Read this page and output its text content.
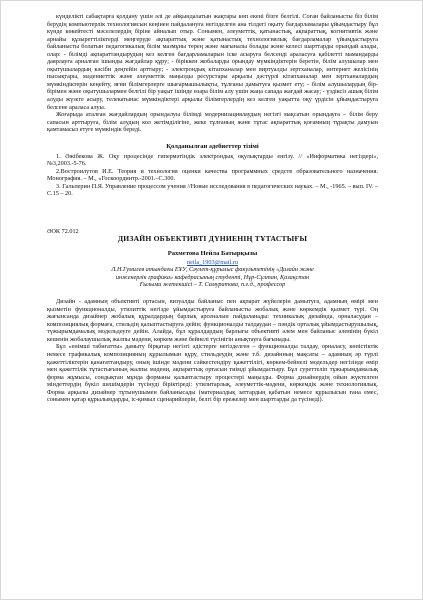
күнделікті сабақтарға қолдану үшін әлі де айқындалатын жақтары көп екені бізге белгілі. Соған байланысты біз білім берудің компьютерлік технологиясын кеңінен пайдалануға негізделген ана тілдегі оқыту бағдарламалары ұйымдастыру бұл күнде көкейтесті мәселелердің біріне айналып отыр. Сонымен, әлеуметтік, қатынастық, ақпараттық, когнитивтік және арнайы құзыреттіліктерді меңгеруде ақпараттық және қатынастық технологиялық бағдарламалар үйымдастыруға байланысты болатын педагогикалық білім мазмұны терең және мағыналы болады және келесі шарттарды орындай алады, олар: - білімді ақпараттандырудың кез келген бағдарламаларын іске асыруға белсенді араласуға қабілетті мамандарды даярлауға арналған ішынды жағдайлар құру; - біріккен жобаларды орындау мүмкіндіктерін беретін, білім алушылар мен оқытушылардың кәсіби деңгейін арттыру; - электрондық кітапханалар мен виртуалды зертханалар, интернет желісінің пысықтары, мәдениеттік және әлеуметтік маңызды ресурстары арқылы дәстүрлі кітапханалар мен зертханалардың мүмкіндіктерін кеңейту, яғни білімгерлерге шығармашылықты, тұлғаны дамытуға қызмет ету; - білім алушылардың бір-бірімен және оқытушылармен белгілі бір уақыт ішінде өзара білім алу үшін жаңа сапада жағдай жасау; - үздіксіз ашық білім алуды жүзеге асыру, телекатынас мүмкіндіктері арқылы білімгерлердің кез келген уақытта оқу үрдісін ұйымдастыруға белсене араласа алуы.

Жоғарыда аталған жағдайлардың орындалуы білімді модернизациялаудың негізгі мақсатын орындауға – білім беру сапасын арттыруға, білім алудың кол жетімділігіне, жеке тұлғаның және тұтас ақпараттық қоғамның тұрақты дамуын қамтамасыз етуге мүмкіндік береді.

Қолданылған әдебиеттер тізімі

1. Әжібекова Ж. Оқу процесінде гипермәтіндік электрондық оқулықтарды енгізу. // «Информатика негіздері», №3,2003.-5-76.

2.Востроилутов И.Е. Теория и технология оценки качества программных средств образовательного назначения. Монография. – М., «Госкоординтр.-2001.–С.300.

3. Гальперин П.Я. Управление процессом учения //Новые исследования в педагогических науках. – М., -1965. – вып. IV. –С.15 – 20.

ӘОК 72.012

ДИЗАЙН ОБЪЕКТИВТІ ДҮНИЕНІҢ ТҰТАСТЫҒЫ

Рахметова Нейла Батырқызы

neila_1903@mail.ru

Л.Н.Гумилев атындағы ЕҰУ, Сәулет-құрылыс факультетінің «Дизайн және

инженерлік графика» кафедрасының студенті, Нұр-Сұлтан, Қазақстан

Ғылыми жетекшісі – Т. Самуратова, п.ғ.д., профессор

Дизайн - адамның объективті ортасын, визуалды байланыс пен ақпарат жүйелерін дамытуға, адамның өмірі мен қызметін функционалды, утилиттік негізде ұйымдастыруға байланысты жобалық және көркемдік қызмет түрі. Оң жағынсанда дизайнер жобалық құралдардың барлық арсеналын пайдаланады: техникалық дизайнда, орналасудан – композициялық формаға, стильдің қалыптастыруға дейін; функционалды талдаудан – пәндік орталық ұйымдастырушылық, түжырымдамалық модельдеуге дейін. Алайда, бұл құралдардың барлығы объективті әлем мен байланыс әлемінің бүкіл кешенін жобалаушылық жалпы мәдени, көркем және бейнелі түсінігін анықтауға бағынады.

Бұл «енімші табиғатты» дамыту бірқатар негізгі әдістерге негізделген – функционалды талдау, орналасу, көпістіктік немесе графикалық композицияның құрылымын құру, стильдеудің және т.б. дизайнның мақсаты – адамның әр түрлі қажеттіліктерін қанағаттандыру, оның ішінде мәдени сәйкестендіру қажеттілігі, көркем-бейнелі модельдер негізінде өмір мен қажеттілік тұтастығының жалпы мәдени, ақпараттық ортасын тиімді ұйымдастыру. Бұл суреттеліп тұжырымдамалық форма жұмысы, сондықтан мұнда форманы қалыптастыру процестері маңызды. Форма дизайнердің ойын жүктелген міндеттердің бүкіл шешімдерін түсінуді біріктіреді: утилитарлық, әлеуметтік-мәдени, көркемдік және технологиялық. Форма арқылы дизайнер тұтынушымен байланысады (материалдық заттардың қабатын немесе құрылысын ғана емес, сонымен қатар құрылымдарды, іс-қимыл сценарийлерін, белгі бір ережелер мен шарттарды да түсінеді).
